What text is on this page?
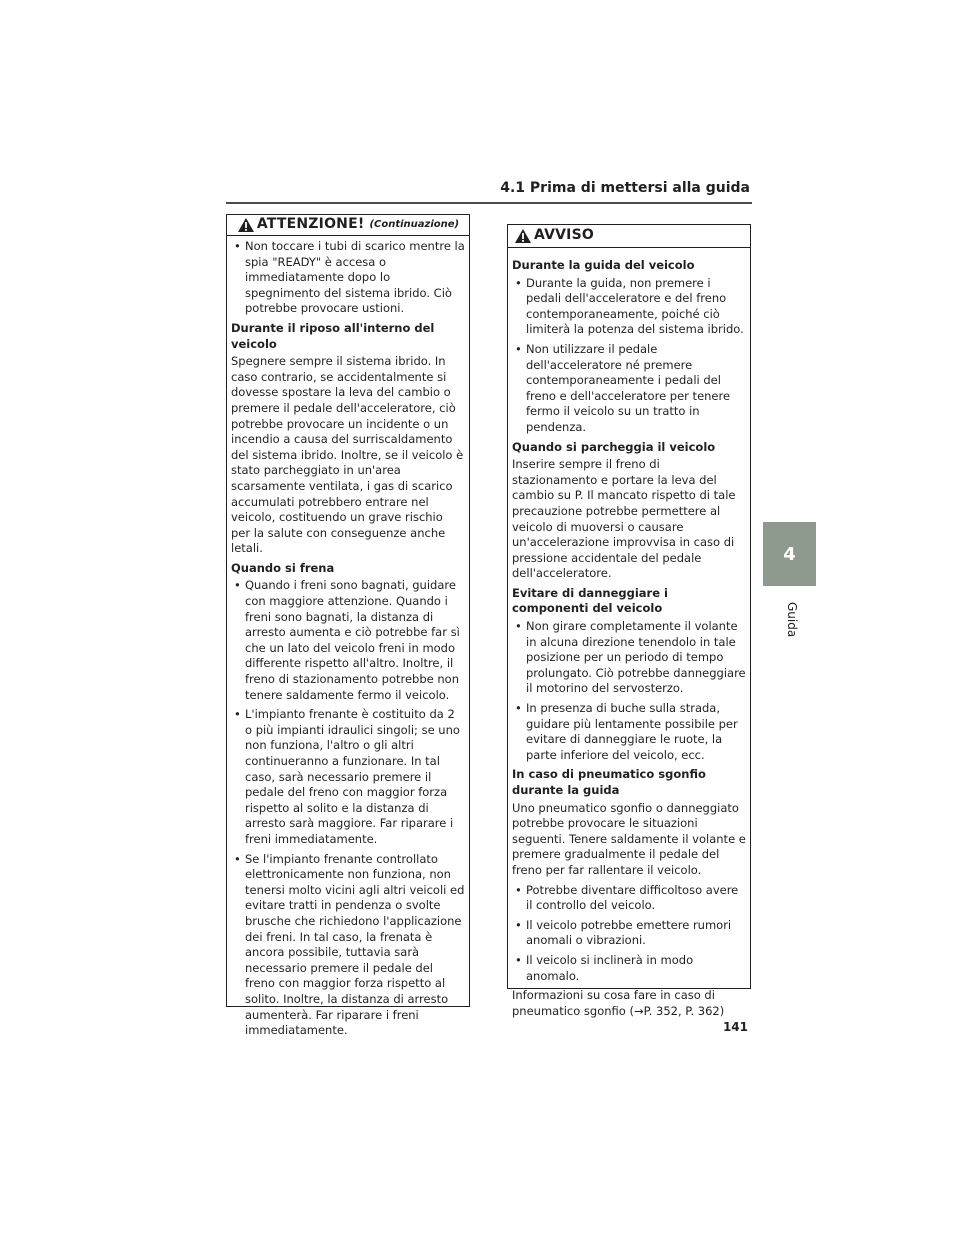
4.1 Prima di mettersi alla guida
4
Guida
ATTENZIONE! (Continuazione)
• Non toccare i tubi di scarico mentre la spia "READY" è accesa o immediatamente dopo lo spegnimento del sistema ibrido. Ciò potrebbe provocare ustioni.
Durante il riposo all'interno del veicolo
Spegnere sempre il sistema ibrido. In caso contrario, se accidentalmente si dovesse spostare la leva del cambio o premere il pedale dell'acceleratore, ciò potrebbe provocare un incidente o un incendio a causa del surriscaldamento del sistema ibrido. Inoltre, se il veicolo è stato parcheggiato in un'area scarsamente ventilata, i gas di scarico accumulati potrebbero entrare nel veicolo, costituendo un grave rischio per la salute con conseguenze anche letali.
Quando si frena
• Quando i freni sono bagnati, guidare con maggiore attenzione. Quando i freni sono bagnati, la distanza di arresto aumenta e ciò potrebbe far sì che un lato del veicolo freni in modo differente rispetto all'altro. Inoltre, il freno di stazionamento potrebbe non tenere saldamente fermo il veicolo.
• L'impianto frenante è costituito da 2 o più impianti idraulici singoli; se uno non funziona, l'altro o gli altri continueranno a funzionare. In tal caso, sarà necessario premere il pedale del freno con maggior forza rispetto al solito e la distanza di arresto sarà maggiore. Far riparare i freni immediatamente.
• Se l'impianto frenante controllato elettronicamente non funziona, non tenersi molto vicini agli altri veicoli ed evitare tratti in pendenza o svolte brusche che richiedono l'applicazione dei freni. In tal caso, la frenata è ancora possibile, tuttavia sarà necessario premere il pedale del freno con maggior forza rispetto al solito. Inoltre, la distanza di arresto aumenterà. Far riparare i freni immediatamente.
AVVISO
Durante la guida del veicolo
• Durante la guida, non premere i pedali dell'acceleratore e del freno contemporaneamente, poiché ciò limiterà la potenza del sistema ibrido.
• Non utilizzare il pedale dell'acceleratore né premere contemporaneamente i pedali del freno e dell'acceleratore per tenere fermo il veicolo su un tratto in pendenza.
Quando si parcheggia il veicolo
Inserire sempre il freno di stazionamento e portare la leva del cambio su P. Il mancato rispetto di tale precauzione potrebbe permettere al veicolo di muoversi o causare un'accelerazione improvvisa in caso di pressione accidentale del pedale dell'acceleratore.
Evitare di danneggiare i componenti del veicolo
• Non girare completamente il volante in alcuna direzione tenendolo in tale posizione per un periodo di tempo prolungato. Ciò potrebbe danneggiare il motorino del servosterzo.
• In presenza di buche sulla strada, guidare più lentamente possibile per evitare di danneggiare le ruote, la parte inferiore del veicolo, ecc.
In caso di pneumatico sgonfio durante la guida
Uno pneumatico sgonfio o danneggiato potrebbe provocare le situazioni seguenti. Tenere saldamente il volante e premere gradualmente il pedale del freno per far rallentare il veicolo.
• Potrebbe diventare difficoltoso avere il controllo del veicolo.
• Il veicolo potrebbe emettere rumori anomali o vibrazioni.
• Il veicolo si inclinerà in modo anomalo.
Informazioni su cosa fare in caso di pneumatico sgonfio (→P. 352, P. 362)
141
